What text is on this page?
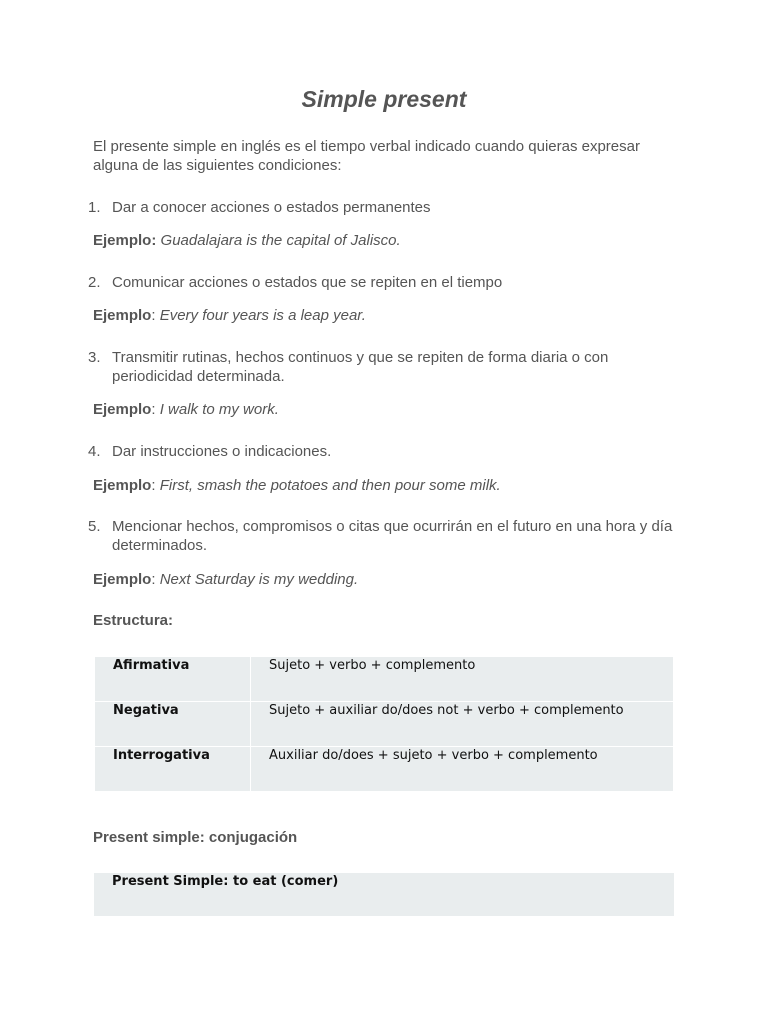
Simple present

El presente simple en inglés es el tiempo verbal indicado cuando quieras expresar alguna de las siguientes condiciones:

1. Dar a conocer acciones o estados permanentes
Ejemplo: Guadalajara is the capital of Jalisco.
2. Comunicar acciones o estados que se repiten en el tiempo
Ejemplo: Every four years is a leap year.
3. Transmitir rutinas, hechos continuos y que se repiten de forma diaria o con periodicidad determinada.
Ejemplo: I walk to my work.
4. Dar instrucciones o indicaciones.
Ejemplo: First, smash the potatoes and then pour some milk.
5. Mencionar hechos, compromisos o citas que ocurrirán en el futuro en una hora y día determinados.
Ejemplo: Next Saturday is my wedding.
Estructura:
Afirmativa	Sujeto + verbo + complemento

Negativa	Sujeto + auxiliar do/does not + verbo + complemento

Interrogativa	Auxiliar do/does + sujeto + verbo + complemento
Present simple: conjugación
Present Simple: to eat (comer)
